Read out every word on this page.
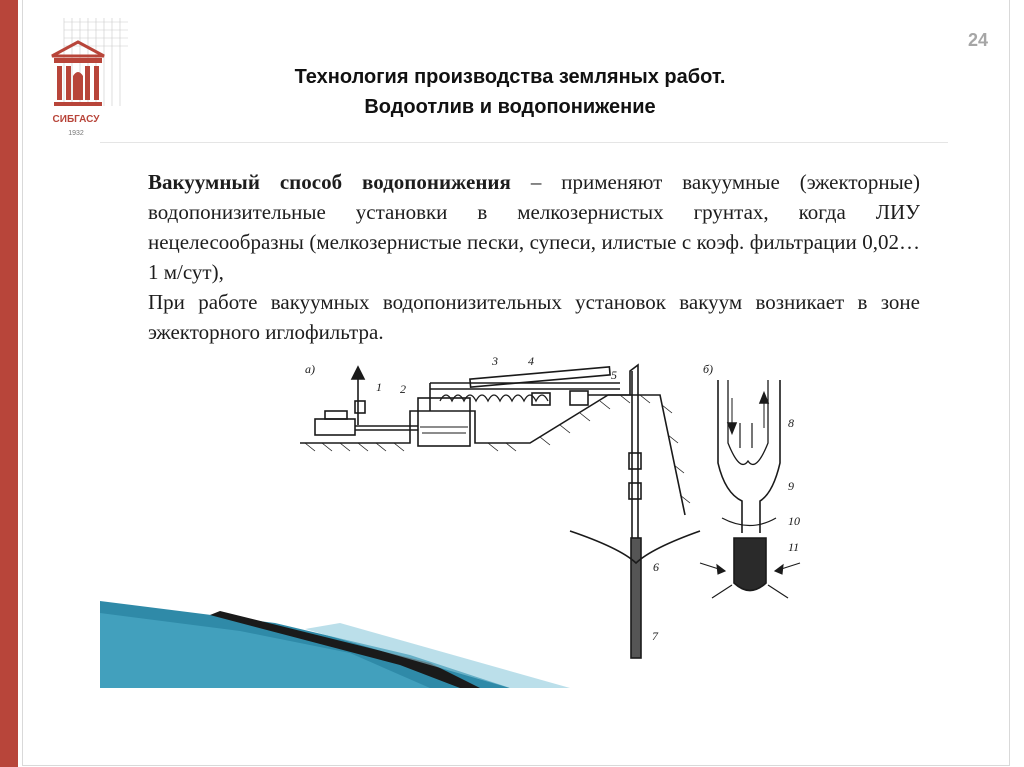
СИБГАСУ
1932
24
Технология производства земляных работ.
Водоотлив и водопонижение
Вакуумный способ водопонижения – применяют вакуумные (эжекторные) водопонизительные установки в мелкозернистых грунтах, когда ЛИУ нецелесообразны (мелкозернистые пески, супеси, илистые с коэф. фильтрации 0,02…1 м/сут),
При работе вакуумных водопонизительных установок вакуум возникает в зоне эжекторного иглофильтра.
а)	б)
1 2
3	4
5
6
7
8
9
10
11
